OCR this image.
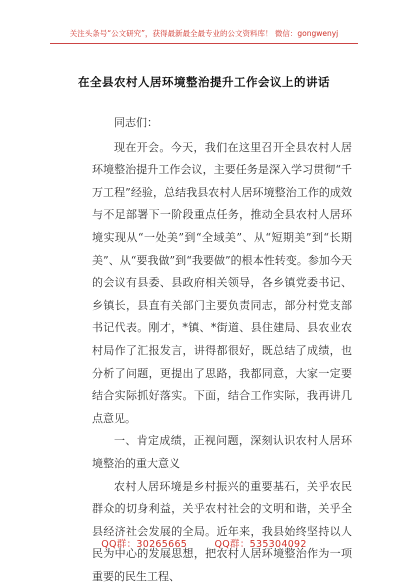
关注头条号“公文研究”，获得最新最全最专业的公文资料库！ 微信：gongwenyj
在全县农村人居环境整治提升工作会议上的讲话

同志们：

现在开会。今天，我们在这里召开全县农村人居环境整治提升工作会议，主要任务是深入学习贯彻“千万工程”经验，总结我县农村人居环境整治工作的成效与不足部署下一阶段重点任务，推动全县农村人居环境实现从“一处美”到“全域美”、从“短期美”到“长期美”、从“要我做”到“我要做”的根本性转变。参加今天的会议有县委、县政府相关领导，各乡镇党委书记、乡镇长，县直有关部门主要负责同志，部分村党支部书记代表。刚才，*镇、*街道、县住建局、县农业农村局作了汇报发言，讲得都很好，既总结了成绩，也分析了问题，更提出了思路，我都同意，大家一定要结合实际抓好落实。下面，结合工作实际，我再讲几点意见。

一、肯定成绩，正视问题，深刻认识农村人居环境整治的重大意义

农村人居环境是乡村振兴的重要基石，关乎农民群众的切身利益，关乎农村社会的文明和谐，关乎全县经济社会发展的全局。近年来，我县始终坚持以人民为中心的发展思想，把农村人居环境整治作为一项重要的民生工程、

QQ群：30265665	QQ群：535304092
